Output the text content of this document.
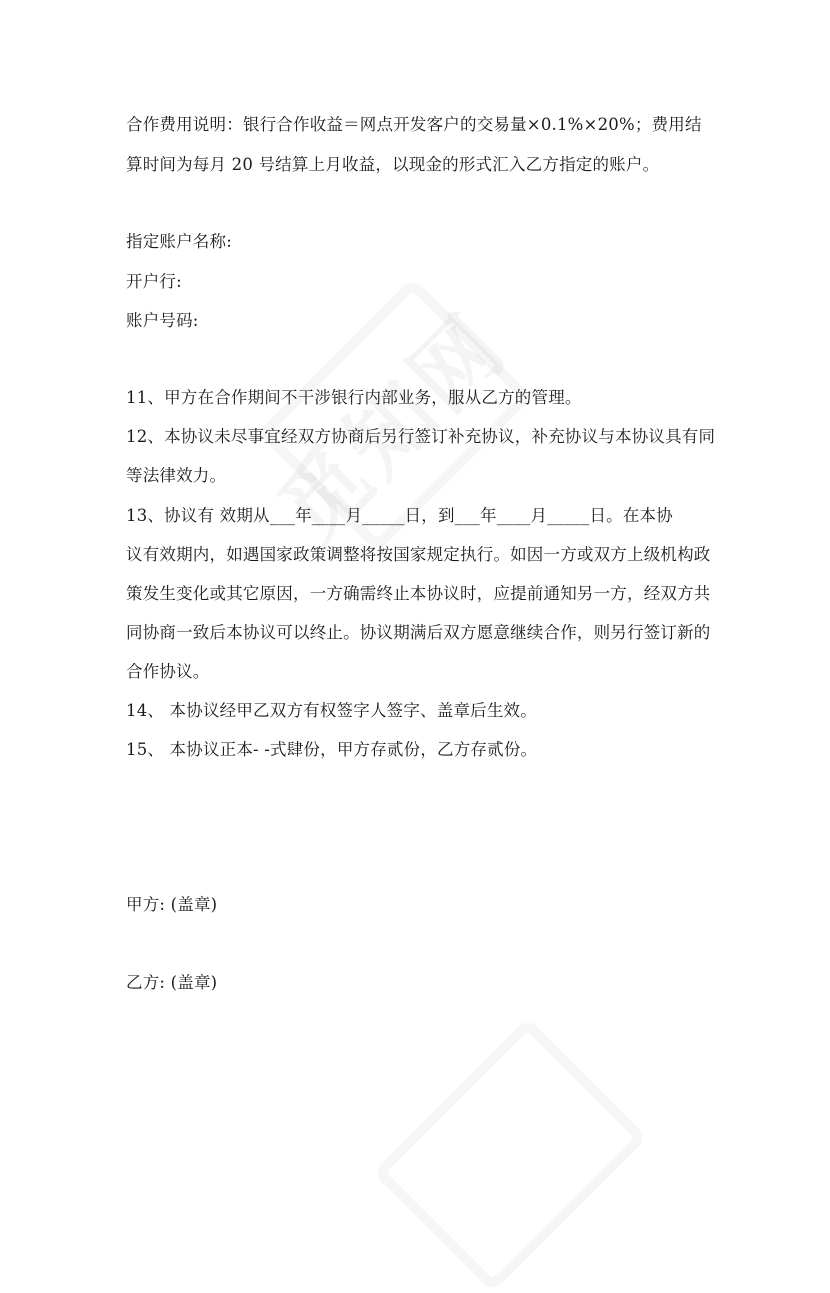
合作费用说明：银行合作收益＝网点开发客户的交易量×0.1%×20%；费用结
算时间为每月 20 号结算上月收益，以现金的形式汇入乙方指定的账户。
指定账户名称:
开户行:
账户号码:
11、甲方在合作期间不干涉银行内部业务，服从乙方的管理。
12、本协议未尽事宜经双方协商后另行签订补充协议，补充协议与本协议具有同
等法律效力。
13、协议有 效期从___年____月_____日，到___年____月_____日。在本协
议有效期内，如遇国家政策调整将按国家规定执行。如因一方或双方上级机构政
策发生变化或其它原因，一方确需终止本协议时，应提前通知另一方，经双方共
同协商一致后本协议可以终止。协议期满后双方愿意继续合作，则另行签订新的
合作协议。
14、 本协议经甲乙双方有权签字人签字、盖章后生效。
15、 本协议正本- -式肆份，甲方存贰份，乙方存贰份。
甲方: (盖章)
乙方: (盖章)
